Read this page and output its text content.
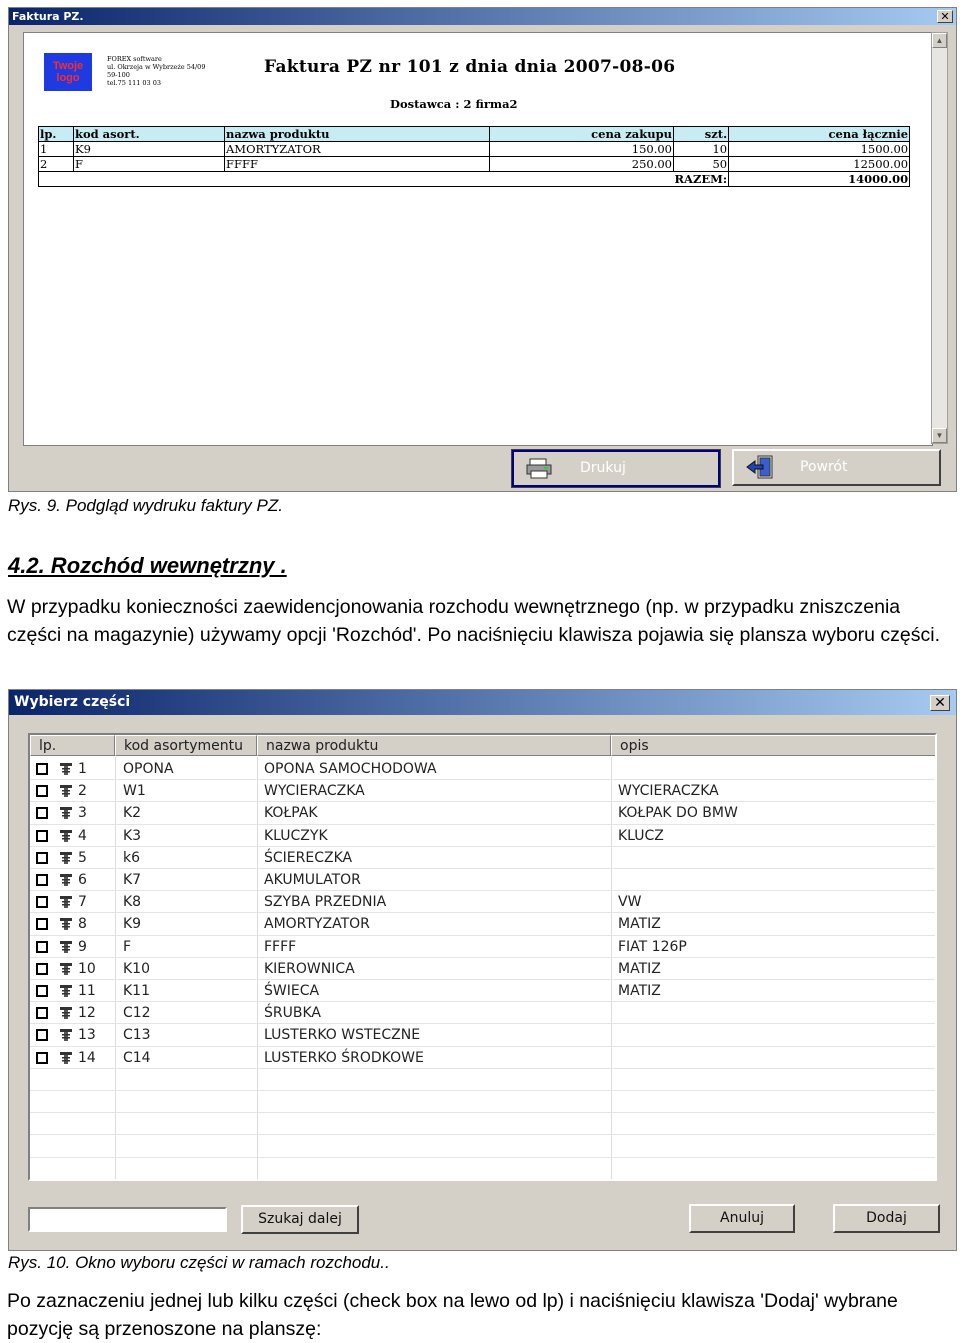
Faktura PZ.	✕
Twoje logo
FOREX software
ul. Okrzeja w Wybrzeże 54/09
59-100
tel.75 111 03 03
Faktura PZ nr 101 z dnia dnia 2007-08-06
Dostawca : 2 firma2
lp.	kod asort.	nazwa produktu	cena zakupu	szt.	cena łącznie
1	K9	AMORTYZATOR	150.00	10	1500.00
2	F	FFFF	250.00	50	12500.00
				RAZEM:	14000.00
▲
▼
Drukuj	Powrót
Rys. 9. Podgląd wydruku faktury PZ.
4.2. Rozchód wewnętrzny .
W przypadku konieczności zaewidencjonowania rozchodu wewnętrznego (np. w przypadku zniszczenia części na magazynie) używamy opcji 'Rozchód'. Po naciśnięciu klawisza pojawia się plansza wyboru części.
Wybierz części	✕
lp.	kod asortymentu	nazwa produktu	opis
1	OPONA	OPONA SAMOCHODOWA
2	W1	WYCIERACZKA	WYCIERACZKA
3	K2	KOŁPAK	KOŁPAK DO BMW
4	K3	KLUCZYK	KLUCZ
5	k6	ŚCIERECZKA
6	K7	AKUMULATOR
7	K8	SZYBA PRZEDNIA	VW
8	K9	AMORTYZATOR	MATIZ
9	F	FFFF	FIAT 126P
10 K10	KIEROWNICA	MATIZ
11 K11	ŚWIECA	MATIZ
12 C12	ŚRUBKA
13 C13	LUSTERKO WSTECZNE
14 C14	LUSTERKO ŚRODKOWE
Szukaj dalej	Anuluj	Dodaj
Rys. 10. Okno wyboru części w ramach rozchodu..
Po zaznaczeniu jednej lub kilku części (check box na lewo od lp) i naciśnięciu klawisza 'Dodaj' wybrane pozycję są przenoszone na planszę:
